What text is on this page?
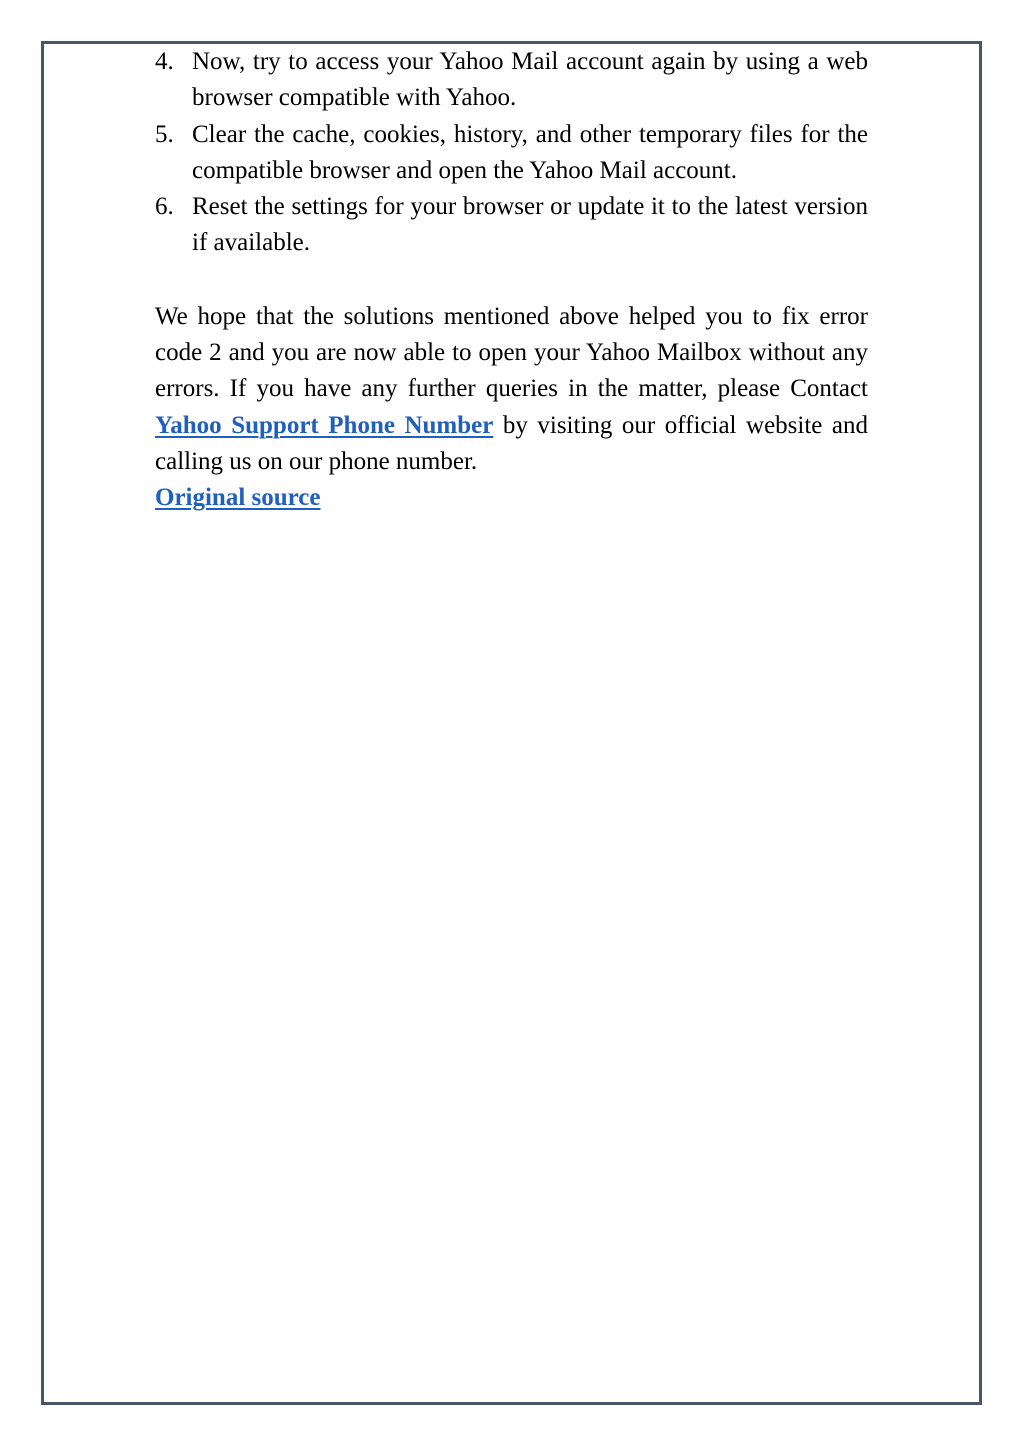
4. Now, try to access your Yahoo Mail account again by using a web browser compatible with Yahoo.
5. Clear the cache, cookies, history, and other temporary files for the compatible browser and open the Yahoo Mail account.
6. Reset the settings for your browser or update it to the latest version if available.

We hope that the solutions mentioned above helped you to fix error code 2 and you are now able to open your Yahoo Mailbox without any errors. If you have any further queries in the matter, please Contact Yahoo Support Phone Number by visiting our official website and calling us on our phone number.

Original source
